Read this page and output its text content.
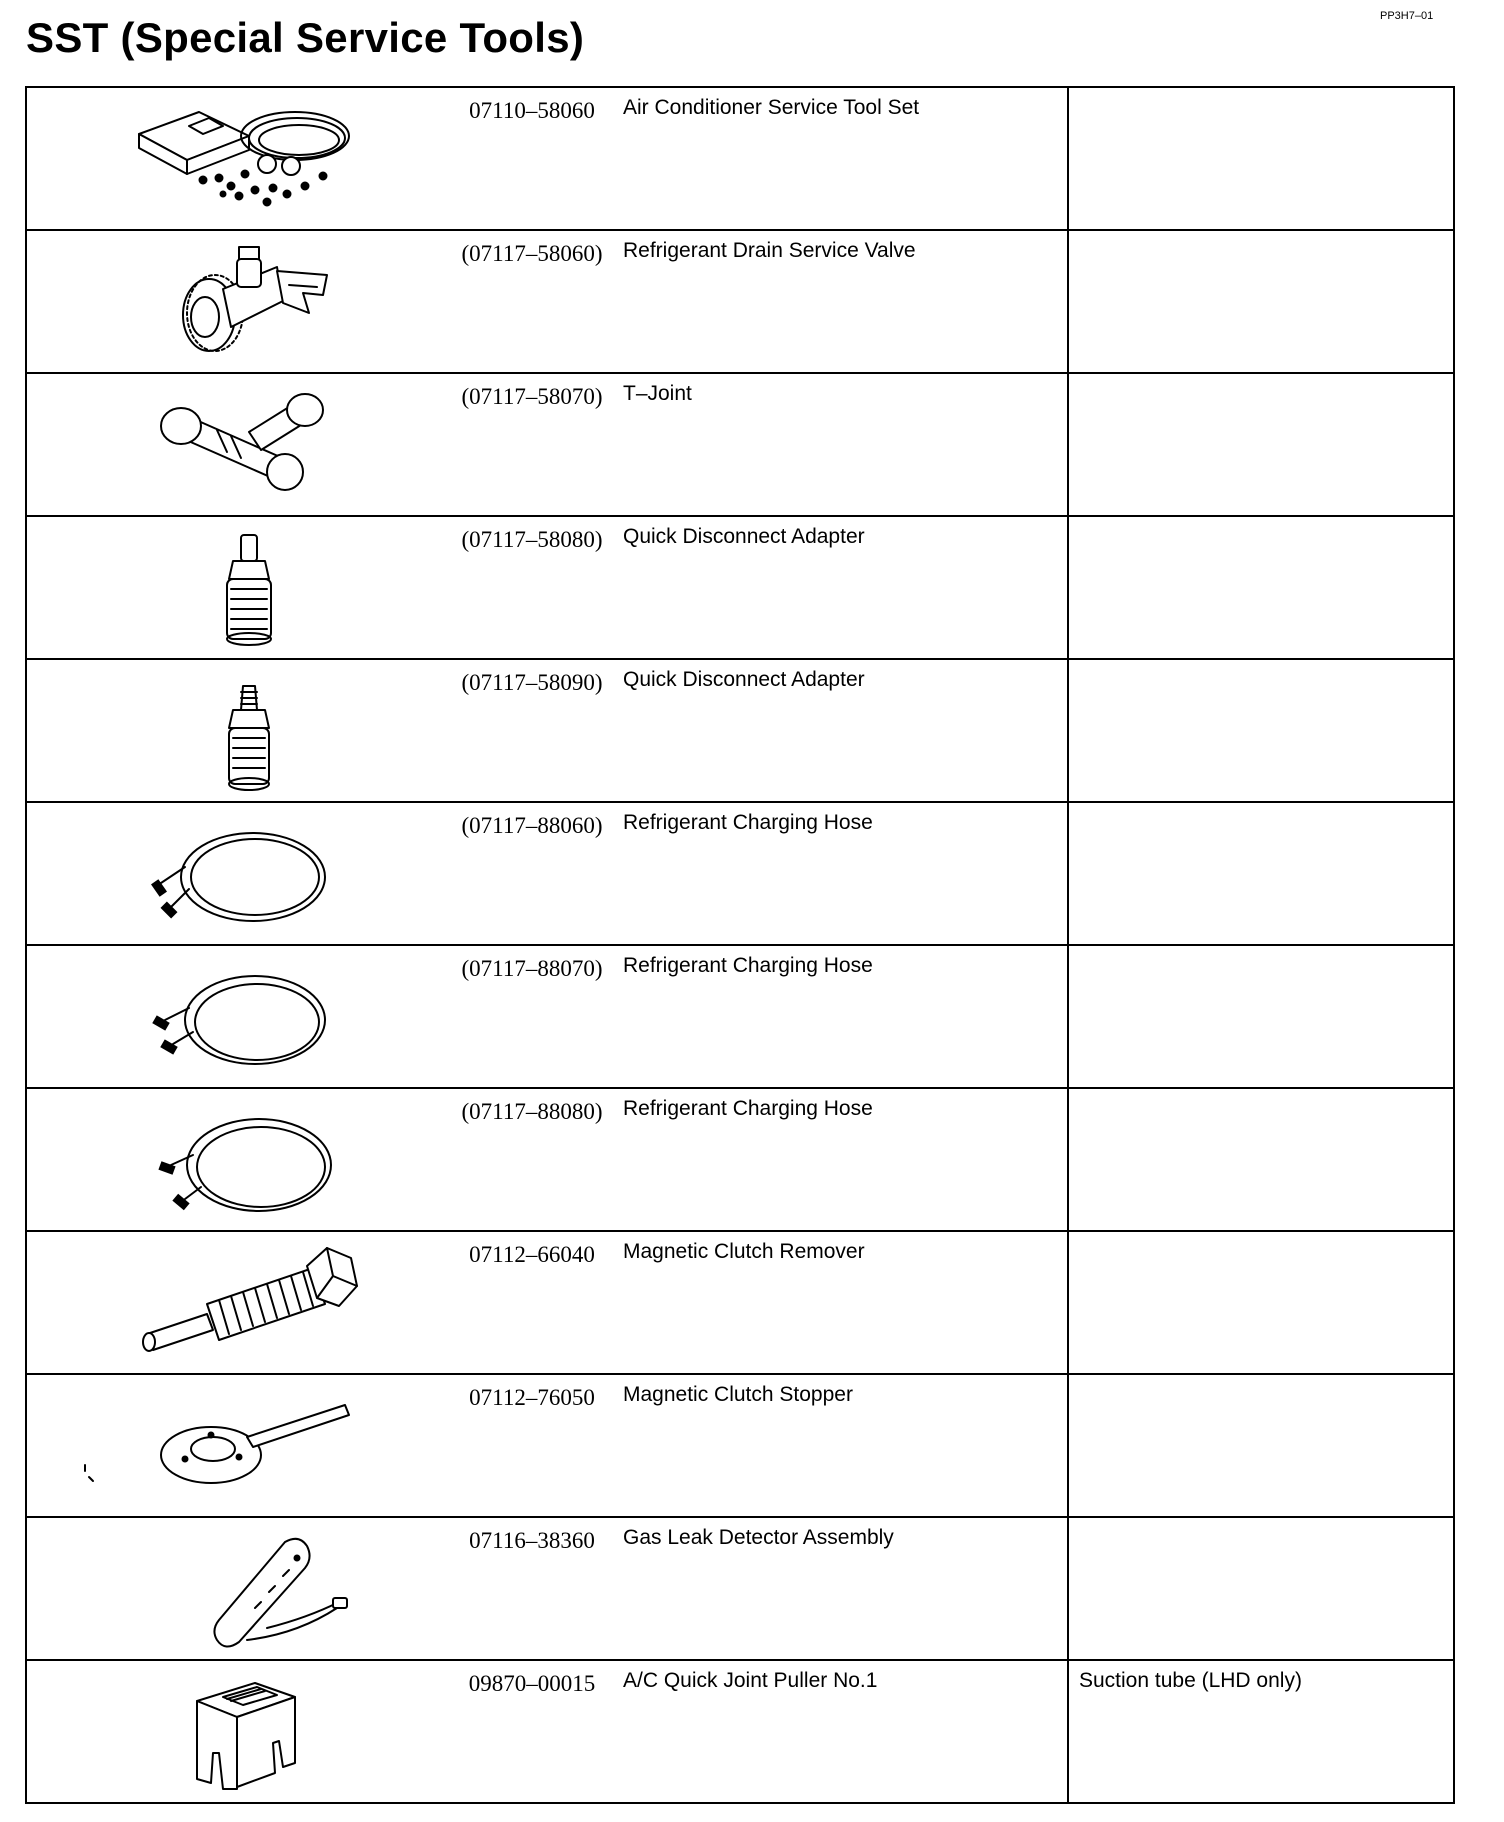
PP3H7–01
SST (Special Service Tools)
07110–58060 Air Conditioner Service Tool Set	

(07117–58060) Refrigerant Drain Service Valve	

(07117–58070) T–Joint	

(07117–58080) Quick Disconnect Adapter	

(07117–58090) Quick Disconnect Adapter	

(07117–88060) Refrigerant Charging Hose	

(07117–88070) Refrigerant Charging Hose	

(07117–88080) Refrigerant Charging Hose	

07112–66040 Magnetic Clutch Remover	

07112–76050 Magnetic Clutch Stopper	

07116–38360 Gas Leak Detector Assembly	

09870–00015 A/C Quick Joint Puller No.1	Suction tube (LHD only)
